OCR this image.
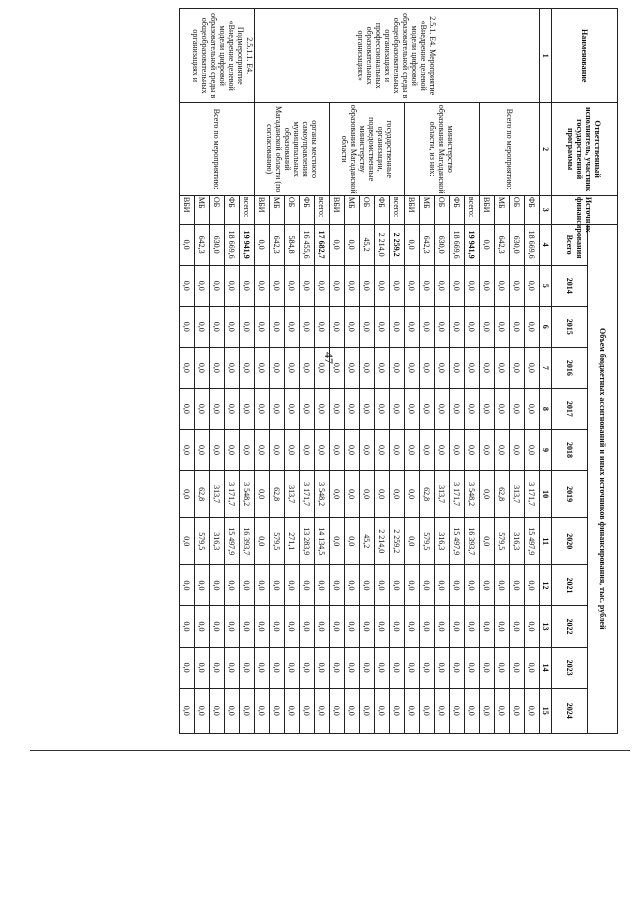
47
Наименование	Ответственный исполнитель, участник государственной программы	Источник финансирования	Объем бюджетных ассигнований и иных источников финансирования, тыс. рублей											
			Всего	2014	2015	2016	2017	2018	2019	2020	2021	2022	2023	2024
1	2	3	4	5	6	7	8	9	10	11	12	13	14	15
2.5.1. Е4. Мероприятие «Внедрение целевой модели цифровой образовательной среды в общеобразовательных организациях и профессиональных образовательных организациях»	Всего по мероприятию:	ФБ	18 669,6	0,0	0,0	0,0	0,0	0,0	3 171,7	15 497,9	0,0	0,0	0,0	0,0
		ОБ	630,0	0,0	0,0	0,0	0,0	0,0	313,7	316,3	0,0	0,0	0,0	0,0
		МБ	642,3	0,0	0,0	0,0	0,0	0,0	62,8	579,5	0,0	0,0	0,0	0,0
		ВБИ	0,0	0,0	0,0	0,0	0,0	0,0	0,0	0,0	0,0	0,0	0,0	0,0
	министерство образования Магаданской области, из них:	всего:	19 941,9	0,0	0,0	0,0	0,0	0,0	3 548,2	16 393,7	0,0	0,0	0,0	0,0
		ФБ	18 669,6	0,0	0,0	0,0	0,0	0,0	3 171,7	15 497,9	0,0	0,0	0,0	0,0
		ОБ	630,0	0,0	0,0	0,0	0,0	0,0	313,7	316,3	0,0	0,0	0,0	0,0
		МБ	642,3	0,0	0,0	0,0	0,0	0,0	62,8	579,5	0,0	0,0	0,0	0,0
		ВБИ	0,0	0,0	0,0	0,0	0,0	0,0	0,0	0,0	0,0	0,0	0,0	0,0
	государственные организации, подведомственные министерству образования Магаданской области	всего:	2 259,2	0,0	0,0	0,0	0,0	0,0	0,0	2 259,2	0,0	0,0	0,0	0,0
		ФБ	2 214,0	0,0	0,0	0,0	0,0	0,0	0,0	2 214,0	0,0	0,0	0,0	0,0
		ОБ	45,2	0,0	0,0	0,0	0,0	0,0	0,0	45,2	0,0	0,0	0,0	0,0
		МБ	0,0	0,0	0,0	0,0	0,0	0,0	0,0	0,0	0,0	0,0	0,0	0,0
		ВБИ	0,0	0,0	0,0	0,0	0,0	0,0	0,0	0,0	0,0	0,0	0,0	0,0
	органы местного самоуправления муниципальных образований Магаданской области (по согласованию)	всего:	17 682,7	0,0	0,0	0,0	0,0	0,0	3 548,2	14 134,5	0,0	0,0	0,0	0,0
		ФБ	16 455,6	0,0	0,0	0,0	0,0	0,0	3 171,7	13 283,9	0,0	0,0	0,0	0,0
		ОБ	584,8	0,0	0,0	0,0	0,0	0,0	313,7	271,1	0,0	0,0	0,0	0,0
		МБ	642,3	0,0	0,0	0,0	0,0	0,0	62,8	579,5	0,0	0,0	0,0	0,0
		ВБИ	0,0	0,0	0,0	0,0	0,0	0,0	0,0	0,0	0,0	0,0	0,0	0,0
2.5.1.1. Е4. Подмероприятие «Внедрение целевой модели цифровой образовательной среды в общеобразовательных организациях и	Всего по мероприятию:	всего:	19 941,9	0,0	0,0	0,0	0,0	0,0	3 548,2	16 393,7	0,0	0,0	0,0	0,0
		ФБ	18 669,6	0,0	0,0	0,0	0,0	0,0	3 171,7	15 497,9	0,0	0,0	0,0	0,0
		ОБ	630,0	0,0	0,0	0,0	0,0	0,0	313,7	316,3	0,0	0,0	0,0	0,0
		МБ	642,3	0,0	0,0	0,0	0,0	0,0	62,8	579,5	0,0	0,0	0,0	0,0
		ВБИ	0,0	0,0	0,0	0,0	0,0	0,0	0,0	0,0	0,0	0,0	0,0	0,0
